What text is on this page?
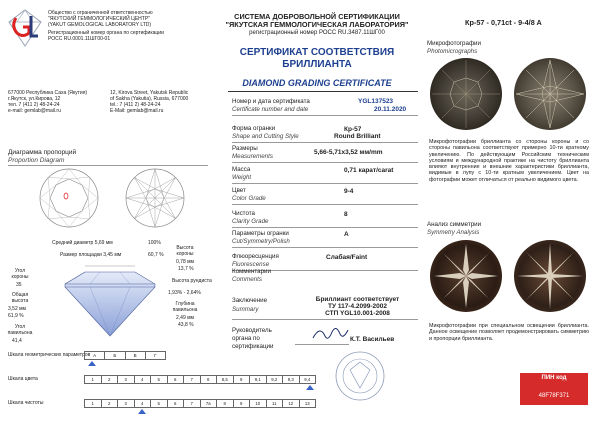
Общество с ограниченной ответственностью
"ЯКУТСКИЙ ГЕММОЛОГИЧЕСКИЙ ЦЕНТР"
(YAKUT GEMOLOGICAL LABORATORY LTD)
Регистрационный номер органа по сертификации
РОСС RU.0001.11ШГ00-01
677000 Республика Саха (Якутия)
г.Якутск, ул.Кирова, 12
тел. 7 (411 2) 48-24-24
e-mail: gemlab@mail.ru
12, Kirova Street, Yakutsk Republic
of Sakha (Yakutia), Russia, 677000
tel.: 7 (411 2) 48-24-24
E-Mail: gemlab@mail.ru
Диаграмма пропорций
Proportion Diagram
Средний диаметр 5,69 мм	100%
Размер площадки 3,45 мм	60,7 %
Угол короны
35
Общая высота
3,52 мм
61,9 %
Угол павильона
41,4
Высота короны
0,78 мм
13,7 %
Высота рундиста
1,93% - 2,64%
Глубина павильона
2,49 мм
43,8 %
Шкала геометрических параметров A	Б	В	Г
Шкала цвета	1	2	3	4	5	6	7	8	8,5	9	9,1	9,2	9,3	9,4
Шкала чистоты	1	2	3	4	5	6	7	7а	8	9	10	11	12	13
СИСТЕМА ДОБРОВОЛЬНОЙ СЕРТИФИКАЦИИ
"ЯКУТСКАЯ ГЕММОЛОГИЧЕСКАЯ ЛАБОРАТОРИЯ"
регистрационный номер РОСС RU.3487.11ШГ00
СЕРТИФИКАТ СООТВЕТСТВИЯ
БРИЛЛИАНТА
DIAMOND GRADING CERTIFICATE
Номер и дата сертификата
Certificate number and date
YGL137523
20.11.2020
Форма огранки
Shape and Cutting Style
Кр-57
Round Brilliant
Размеры
Measurements
5,66-5,71х3,52 мм/mm
Масса
Weight
0,71 карат/carat
Цвет
Color Grade
9-4
Чистота
Clarity Grade
8
Параметры огранки
Cut/Symmetry/Polish
A
Флюоресценция
Fluorescense
Слабая/Faint
Комментарии
Comments
Заключение
Summary
Бриллиант соответствует
ТУ 117-4.2099-2002
СТП YGL10.001-2008
Руководитель
органа по
сертификации
К.Т. Васильев
Кр-57 - 0,71ct - 9-4/8 A
Микрофотографии
Photomicrographs
Микрофотографии бриллианта со стороны короны и со стороны павильона соответствуют примерно 10-ти кратному увеличению. По действующим Российским техническим условиям и международной практике на чистоту бриллианта влияют внутренние и внешние характеристики бриллианта, видимые в лупу с 10-ти кратным увеличением. Цвет на фотографии может отличаться от реально видимого цвета.
Анализ симметрии
Symmetry Analysis
Микрофотографии при специальном освещении бриллианта. Данное освещение позволяет продемонстрировать симметрию и пропорции бриллианта.
ПИН код
48F78F371
